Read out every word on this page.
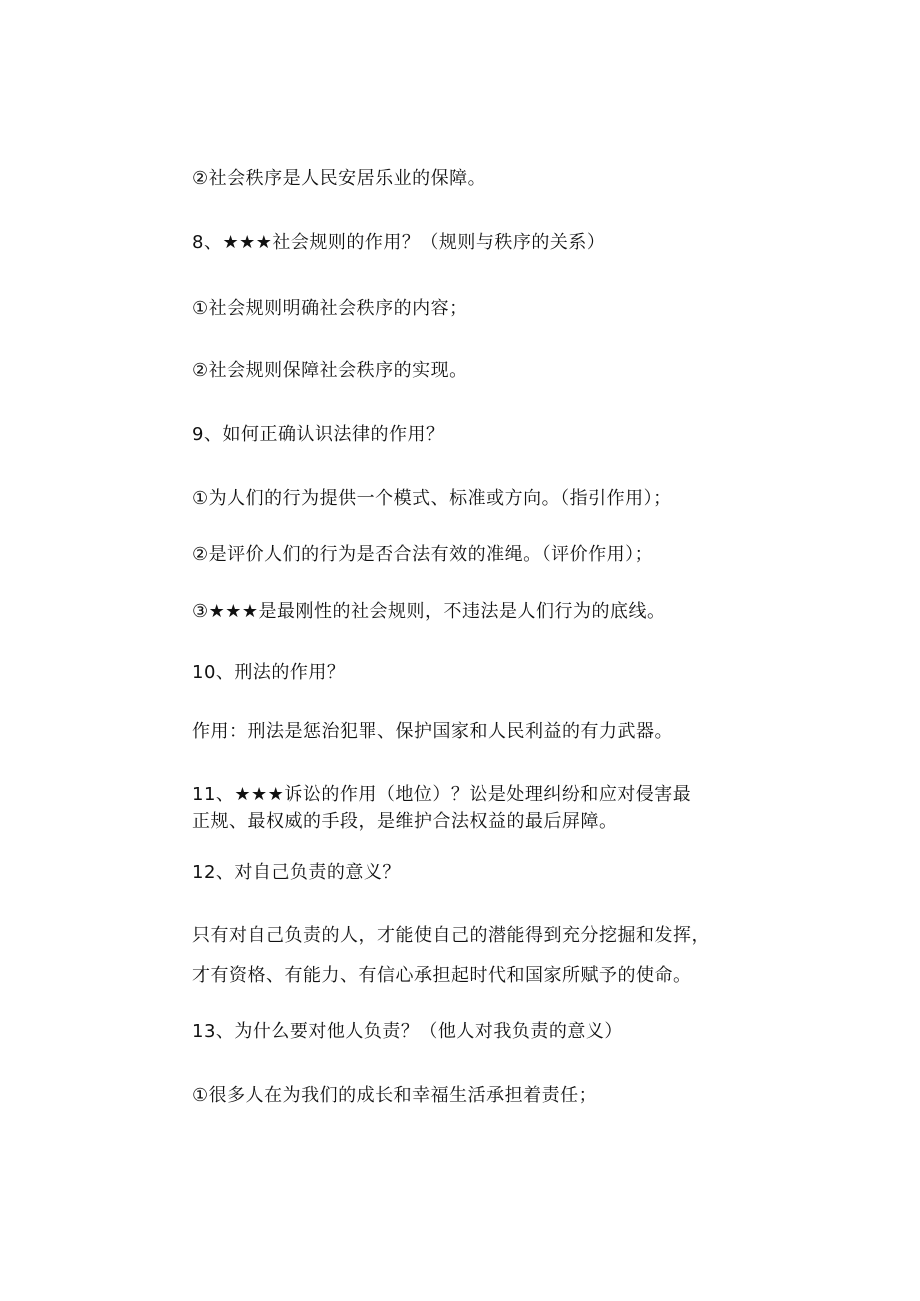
②社会秩序是人民安居乐业的保障。
8、★★★社会规则的作用？（规则与秩序的关系）
①社会规则明确社会秩序的内容；
②社会规则保障社会秩序的实现。
9、如何正确认识法律的作用？
①为人们的行为提供一个模式、标准或方向。（指引作用）；
②是评价人们的行为是否合法有效的准绳。（评价作用）；
③★★★是最刚性的社会规则，不违法是人们行为的底线。
10、刑法的作用？
作用：刑法是惩治犯罪、保护国家和人民利益的有力武器。
11、★★★诉讼的作用（地位）？讼是处理纠纷和应对侵害最
正规、最权威的手段，是维护合法权益的最后屏障。
12、对自己负责的意义？
只有对自己负责的人，才能使自己的潜能得到充分挖掘和发挥，
才有资格、有能力、有信心承担起时代和国家所赋予的使命。
13、为什么要对他人负责？（他人对我负责的意义）
①很多人在为我们的成长和幸福生活承担着责任；
